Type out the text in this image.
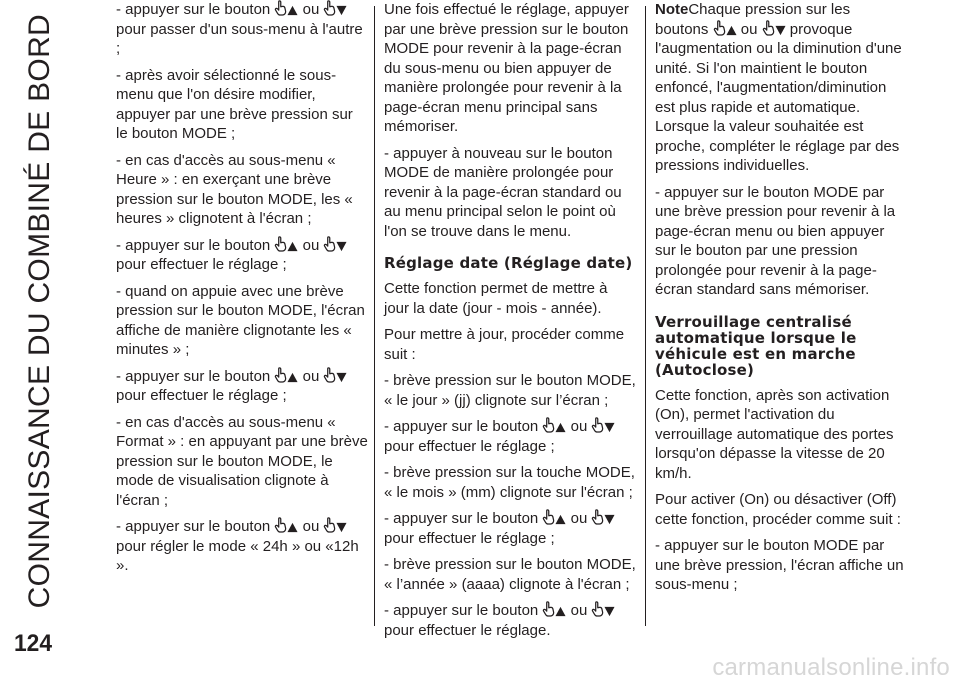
CONNAISSANCE DU COMBINÉ DE BORD
124
carmanualsonline.info

- appuyer sur le bouton ou  pour passer d'un sous-menu à l'autre ;

- après avoir sélectionné le sous-menu que l'on désire modifier, appuyer par une brève pression sur le bouton MODE ;

- en cas d'accès au sous-menu « Heure » : en exerçant une brève pression sur le bouton MODE, les « heures » clignotent à l'écran ;

- appuyer sur le bouton ou  pour effectuer le réglage ;

- quand on appuie avec une brève pression sur le bouton MODE, l'écran affiche de manière clignotante les « minutes » ;

- appuyer sur le bouton ou  pour effectuer le réglage ;

- en cas d'accès au sous-menu « Format » : en appuyant par une brève pression sur le bouton MODE, le mode de visualisation clignote à l'écran ;

- appuyer sur le bouton ou  pour régler le mode « 24h » ou «12h ».

Une fois effectué le réglage, appuyer par une brève pression sur le bouton MODE pour revenir à la page-écran du sous-menu ou bien appuyer de manière prolongée pour revenir à la page-écran menu principal sans mémoriser.

- appuyer à nouveau sur le bouton MODE de manière prolongée pour revenir à la page-écran standard ou au menu principal selon le point où l'on se trouve dans le menu.

Réglage date (Réglage date)

Cette fonction permet de mettre à jour la date (jour - mois - année).

Pour mettre à jour, procéder comme suit :

- brève pression sur le bouton MODE, « le jour » (jj) clignote sur l’écran ;

- appuyer sur le bouton ou  pour effectuer le réglage ;

- brève pression sur la touche MODE, « le mois » (mm) clignote sur l'écran ;

- appuyer sur le bouton ou  pour effectuer le réglage ;

- brève pression sur le bouton MODE, « l’année » (aaaa) clignote à l'écran ;

- appuyer sur le bouton ou  pour effectuer le réglage.

NoteChaque pression sur les boutons ou provoque l'augmentation ou la diminution d'une unité. Si l'on maintient le bouton enfoncé, l'augmentation/diminution est plus rapide et automatique. Lorsque la valeur souhaitée est proche, compléter le réglage par des pressions individuelles.

- appuyer sur le bouton MODE par une brève pression pour revenir à la page-écran menu ou bien appuyer sur le bouton par une pression prolongée pour revenir à la page-écran standard sans mémoriser.

Verrouillage centralisé automatique lorsque le véhicule est en marche (Autoclose)

Cette fonction, après son activation (On), permet l'activation du verrouillage automatique des portes lorsqu'on dépasse la vitesse de 20 km/h.

Pour activer (On) ou désactiver (Off) cette fonction, procéder comme suit :

- appuyer sur le bouton MODE par une brève pression, l'écran affiche un sous-menu ;
